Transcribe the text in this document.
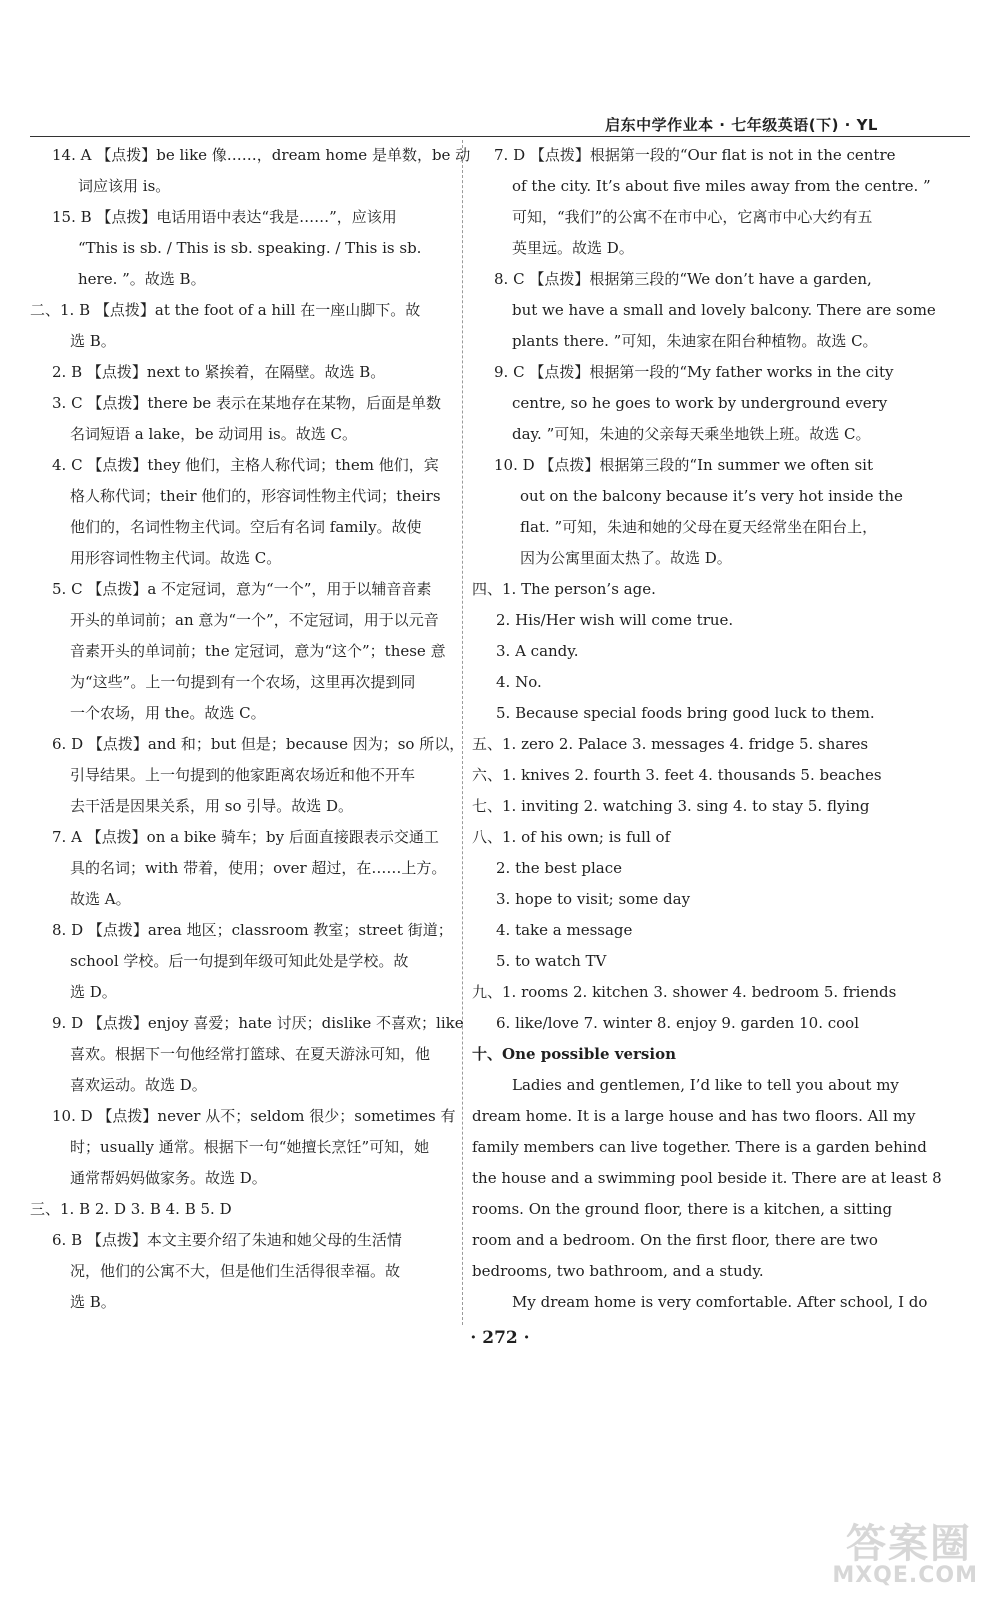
启东中学作业本 · 七年级英语(下) · YL
14. A 【点拨】be like 像……，dream home 是单数，be 动
词应该用 is。
15. B 【点拨】电话用语中表达“我是……”，应该用
“This is sb. / This is sb. speaking. / This is sb.
here. ”。故选 B。
二、1. B 【点拨】at the foot of a hill 在一座山脚下。故
选 B。
2. B 【点拨】next to 紧挨着，在隔壁。故选 B。
3. C 【点拨】there be 表示在某地存在某物，后面是单数
名词短语 a lake，be 动词用 is。故选 C。
4. C 【点拨】they 他们，主格人称代词；them 他们，宾
格人称代词；their 他们的，形容词性物主代词；theirs
他们的，名词性物主代词。空后有名词 family。故使
用形容词性物主代词。故选 C。
5. C 【点拨】a 不定冠词，意为“一个”，用于以辅音音素
开头的单词前；an 意为“一个”，不定冠词，用于以元音
音素开头的单词前；the 定冠词，意为“这个”；these 意
为“这些”。上一句提到有一个农场，这里再次提到同
一个农场，用 the。故选 C。
6. D 【点拨】and 和；but 但是；because 因为；so 所以，
引导结果。上一句提到的他家距离农场近和他不开车
去干活是因果关系，用 so 引导。故选 D。
7. A 【点拨】on a bike 骑车；by 后面直接跟表示交通工
具的名词；with 带着，使用；over 超过，在……上方。
故选 A。
8. D 【点拨】area 地区；classroom 教室；street 街道；
school 学校。后一句提到年级可知此处是学校。故
选 D。
9. D 【点拨】enjoy 喜爱；hate 讨厌；dislike 不喜欢；like
喜欢。根据下一句他经常打篮球、在夏天游泳可知，他
喜欢运动。故选 D。
10. D 【点拨】never 从不；seldom 很少；sometimes 有
时；usually 通常。根据下一句“她擅长烹饪”可知，她
通常帮妈妈做家务。故选 D。
三、1. B 2. D 3. B 4. B 5. D
6. B 【点拨】本文主要介绍了朱迪和她父母的生活情
况，他们的公寓不大，但是他们生活得很幸福。故
选 B。
7. D 【点拨】根据第一段的“Our flat is not in the centre
of the city. It’s about five miles away from the centre. ”
可知，“我们”的公寓不在市中心，它离市中心大约有五
英里远。故选 D。
8. C 【点拨】根据第三段的“We don’t have a garden,
but we have a small and lovely balcony. There are some
plants there. ”可知，朱迪家在阳台种植物。故选 C。
9. C 【点拨】根据第一段的“My father works in the city
centre, so he goes to work by underground every
day. ”可知，朱迪的父亲每天乘坐地铁上班。故选 C。
10. D 【点拨】根据第三段的“In summer we often sit
out on the balcony because it’s very hot inside the
flat. ”可知，朱迪和她的父母在夏天经常坐在阳台上，
因为公寓里面太热了。故选 D。
四、1. The person’s age.
2. His/Her wish will come true.
3. A candy.
4. No.
5. Because special foods bring good luck to them.
五、1. zero 2. Palace 3. messages 4. fridge 5. shares
六、1. knives 2. fourth 3. feet 4. thousands 5. beaches
七、1. inviting 2. watching 3. sing 4. to stay 5. flying
八、1. of his own; is full of
2. the best place
3. hope to visit; some day
4. take a message
5. to watch TV
九、1. rooms 2. kitchen 3. shower 4. bedroom 5. friends
6. like/love 7. winter 8. enjoy 9. garden 10. cool
十、One possible version
Ladies and gentlemen, I’d like to tell you about my
dream home. It is a large house and has two floors. All my
family members can live together. There is a garden behind
the house and a swimming pool beside it. There are at least 8
rooms. On the ground floor, there is a kitchen, a sitting
room and a bedroom. On the first floor, there are two
bedrooms, two bathroom, and a study.
My dream home is very comfortable. After school, I do
· 272 ·
答案圈
MXQE.COM
